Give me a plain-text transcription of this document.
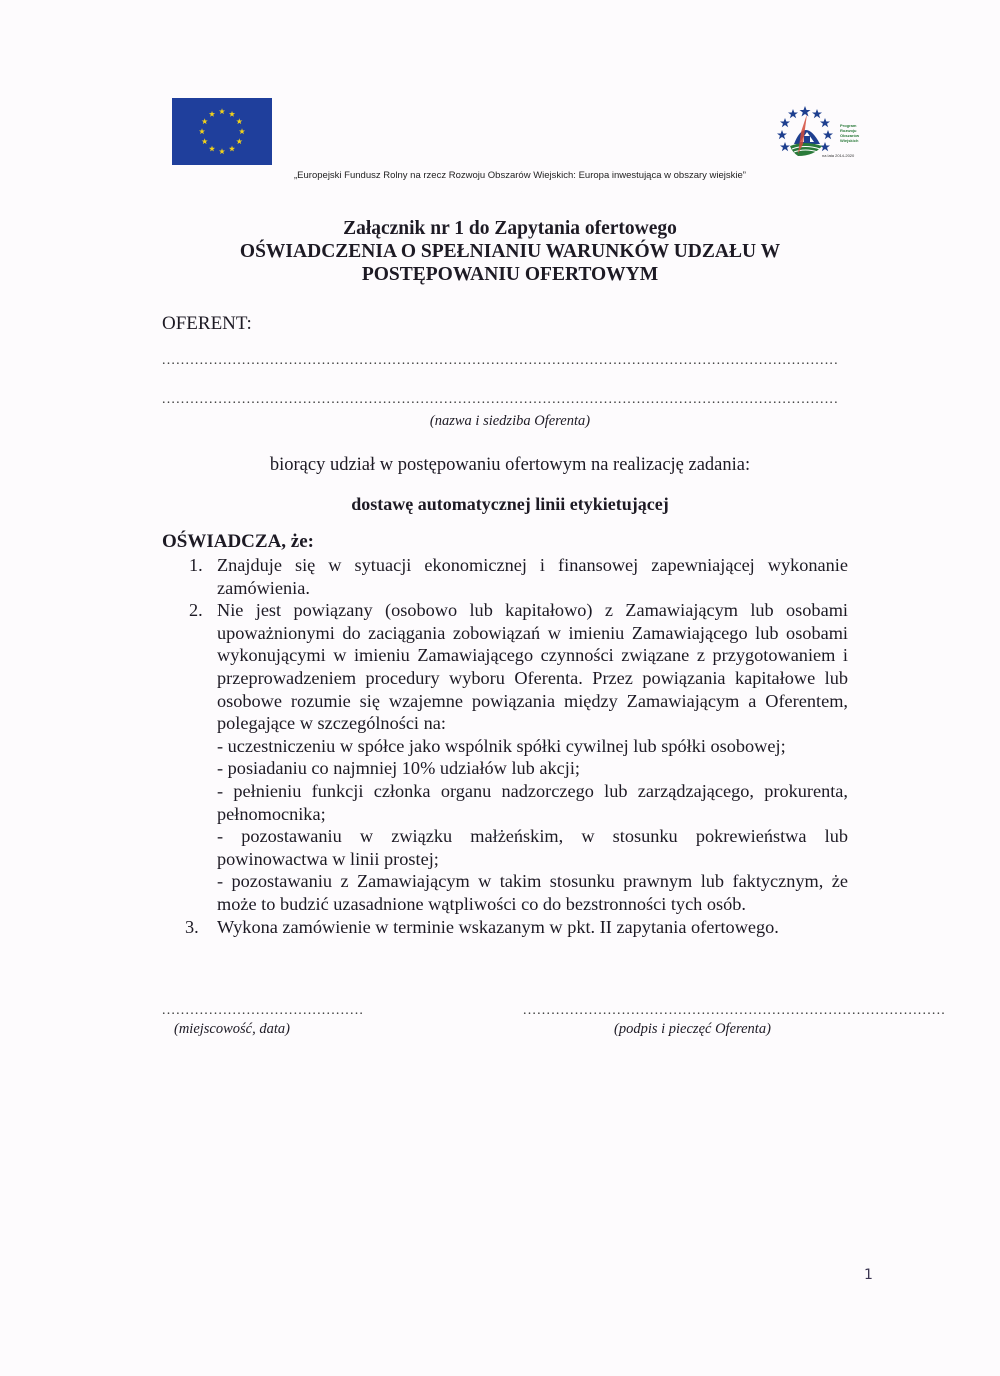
Program
Rozwoju
Obszarów
Wiejskich
na lata 2014-2020
„Europejski Fundusz Rolny na rzecz Rozwoju Obszarów Wiejskich: Europa inwestująca w obszary wiejskie”
Załącznik nr 1 do Zapytania ofertowego
OŚWIADCZENIA O SPEŁNIANIU WARUNKÓW UDZAŁU W
POSTĘPOWANIU OFERTOWYM
OFERENT:
................................................................................................................................................
................................................................................................................................................
(nazwa i siedziba Oferenta)
biorący udział w postępowaniu ofertowym na realizację zadania:
dostawę automatycznej linii etykietującej
OŚWIADCZA, że:
1. Znajduje się w sytuacji ekonomicznej i finansowej zapewniającej wykonanie zamówienia.
2. Nie jest powiązany (osobowo lub kapitałowo) z Zamawiającym lub osobami upoważnionymi do zaciągania zobowiązań w imieniu Zamawiającego lub osobami wykonującymi w imieniu Zamawiającego czynności związane z przygotowaniem i przeprowadzeniem procedury wyboru Oferenta. Przez powiązania kapitałowe lub osobowe rozumie się wzajemne powiązania między Zamawiającym a Oferentem, polegające w szczególności na:
- uczestniczeniu w spółce jako wspólnik spółki cywilnej lub spółki osobowej;
- posiadaniu co najmniej 10% udziałów lub akcji;
- pełnieniu funkcji członka organu nadzorczego lub zarządzającego, prokurenta, pełnomocnika;
- pozostawaniu w związku małżeńskim, w stosunku pokrewieństwa lub powinowactwa w linii prostej;
- pozostawaniu z Zamawiającym w takim stosunku prawnym lub faktycznym, że może to budzić uzasadnione wątpliwości co do bezstronności tych osób.
3. Wykona zamówienie w terminie wskazanym w pkt. II zapytania ofertowego.
...........................................	..........................................................................................
(miejscowość, data)	(podpis i pieczęć Oferenta)
1
